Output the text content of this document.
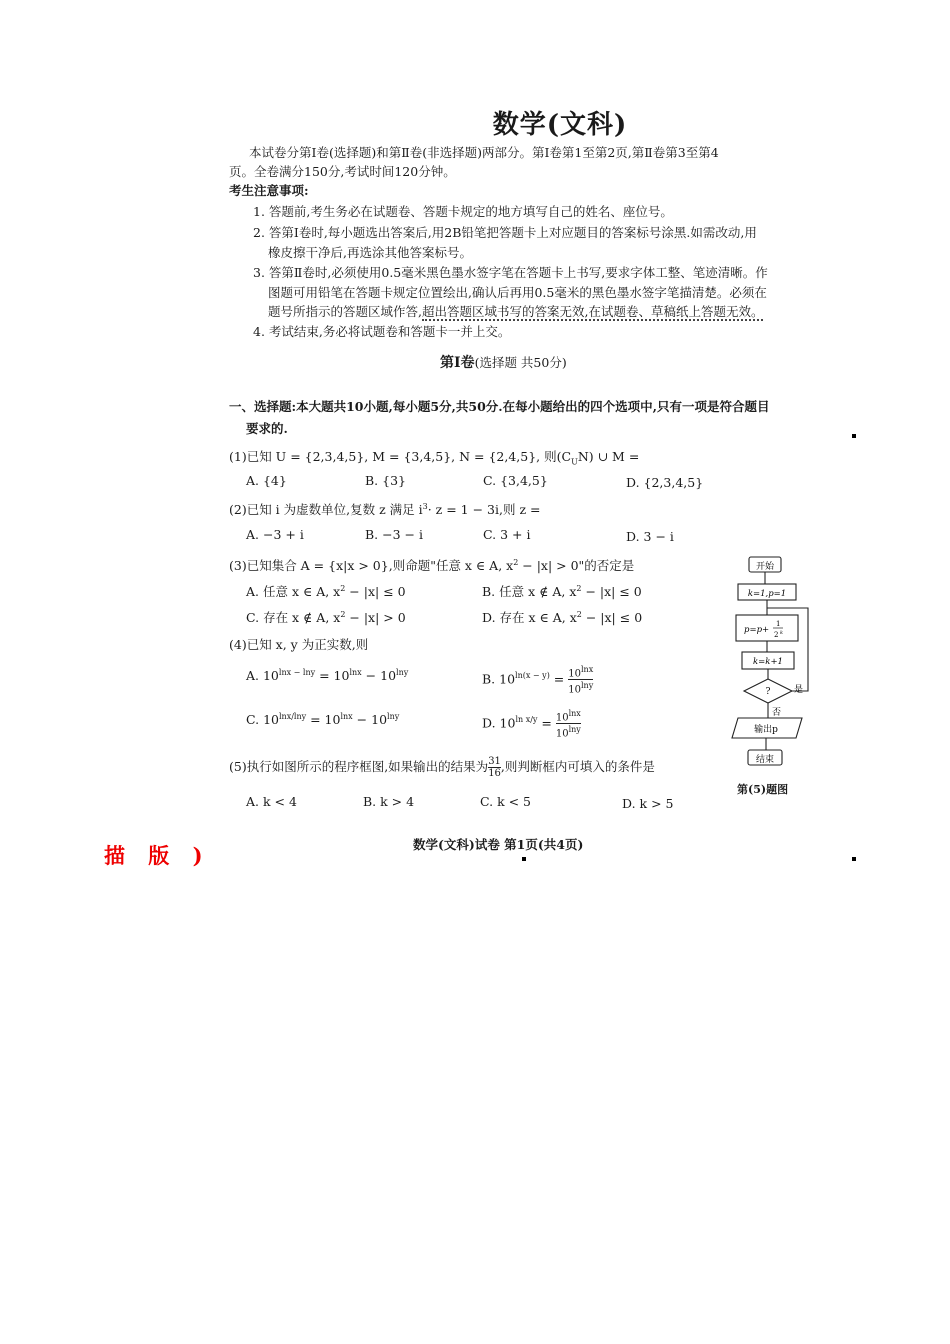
数学(文科)
本试卷分第Ⅰ卷(选择题)和第Ⅱ卷(非选择题)两部分。第Ⅰ卷第1至第2页,第Ⅱ卷第3至第4
页。全卷满分150分,考试时间120分钟。
考生注意事项:
1. 答题前,考生务必在试题卷、答题卡规定的地方填写自己的姓名、座位号。
2. 答第Ⅰ卷时,每小题选出答案后,用2B铅笔把答题卡上对应题目的答案标号涂黑.如需改动,用
橡皮擦干净后,再选涂其他答案标号。
3. 答第Ⅱ卷时,必须使用0.5毫米黑色墨水签字笔在答题卡上书写,要求字体工整、笔迹清晰。作
图题可用铅笔在答题卡规定位置绘出,确认后再用0.5毫米的黑色墨水签字笔描清楚。必须在
题号所指示的答题区域作答,超出答题区域书写的答案无效,在试题卷、草稿纸上答题无效。
4. 考试结束,务必将试题卷和答题卡一并上交。
第Ⅰ卷(选择题 共50分)
一、选择题:本大题共10小题,每小题5分,共50分.在每小题给出的四个选项中,只有一项是符合题目
要求的.
(1)已知 U = {2,3,4,5}, M = {3,4,5}, N = {2,4,5}, 则$(C_UN)$ ∪ M =
A. {4}	B. {3}	C. {3,4,5}	D. {2,3,4,5}
(2)已知 i 为虚数单位,复数 z 满足 $i^3\cdot z = 1 - 3i$,则 z =
A. −3 + i	B. −3 − i	C. 3 + i	D. 3 − i
(3)已知集合 A = {x|x > 0},则命题"任意 x ∈ A, $x^2 - |x| > 0$"的否定是
A. 任意 x ∈ A, $x^2 - |x| \le 0$	B. 任意 x ∉ A, $x^2 - |x| \le 0$
C. 存在 x ∉ A, $x^2 - |x| > 0$	D. 存在 x ∈ A, $x^2 - |x| \le 0$
(4)已知 x, y 为正实数,则
A. $10^{lnx - lny} = 10^{lnx} - 10^{lny}$	B. $10^{ln(x - y)} = \frac{10^{lnx}}{10^{lny}}$
C. $10^{lnx/lny} = 10^{lnx} - 10^{lny}$	D. $10^{ln x/y} = \frac{10^{lnx}}{10^{lny}}$
(5)执行如图所示的程序框图,如果输出的结果为 $\frac{31}{16}$ ,则判断框内可填入的条件是
A. k < 4	B. k > 4	C. k < 5	D. k > 5
开始
k=1,p=1
p=p+
1
2 k
k=k+1
?	是
否
输出p
结束
第(5)题图
数学(文科)试卷 第1页(共4页)
描 版 )
